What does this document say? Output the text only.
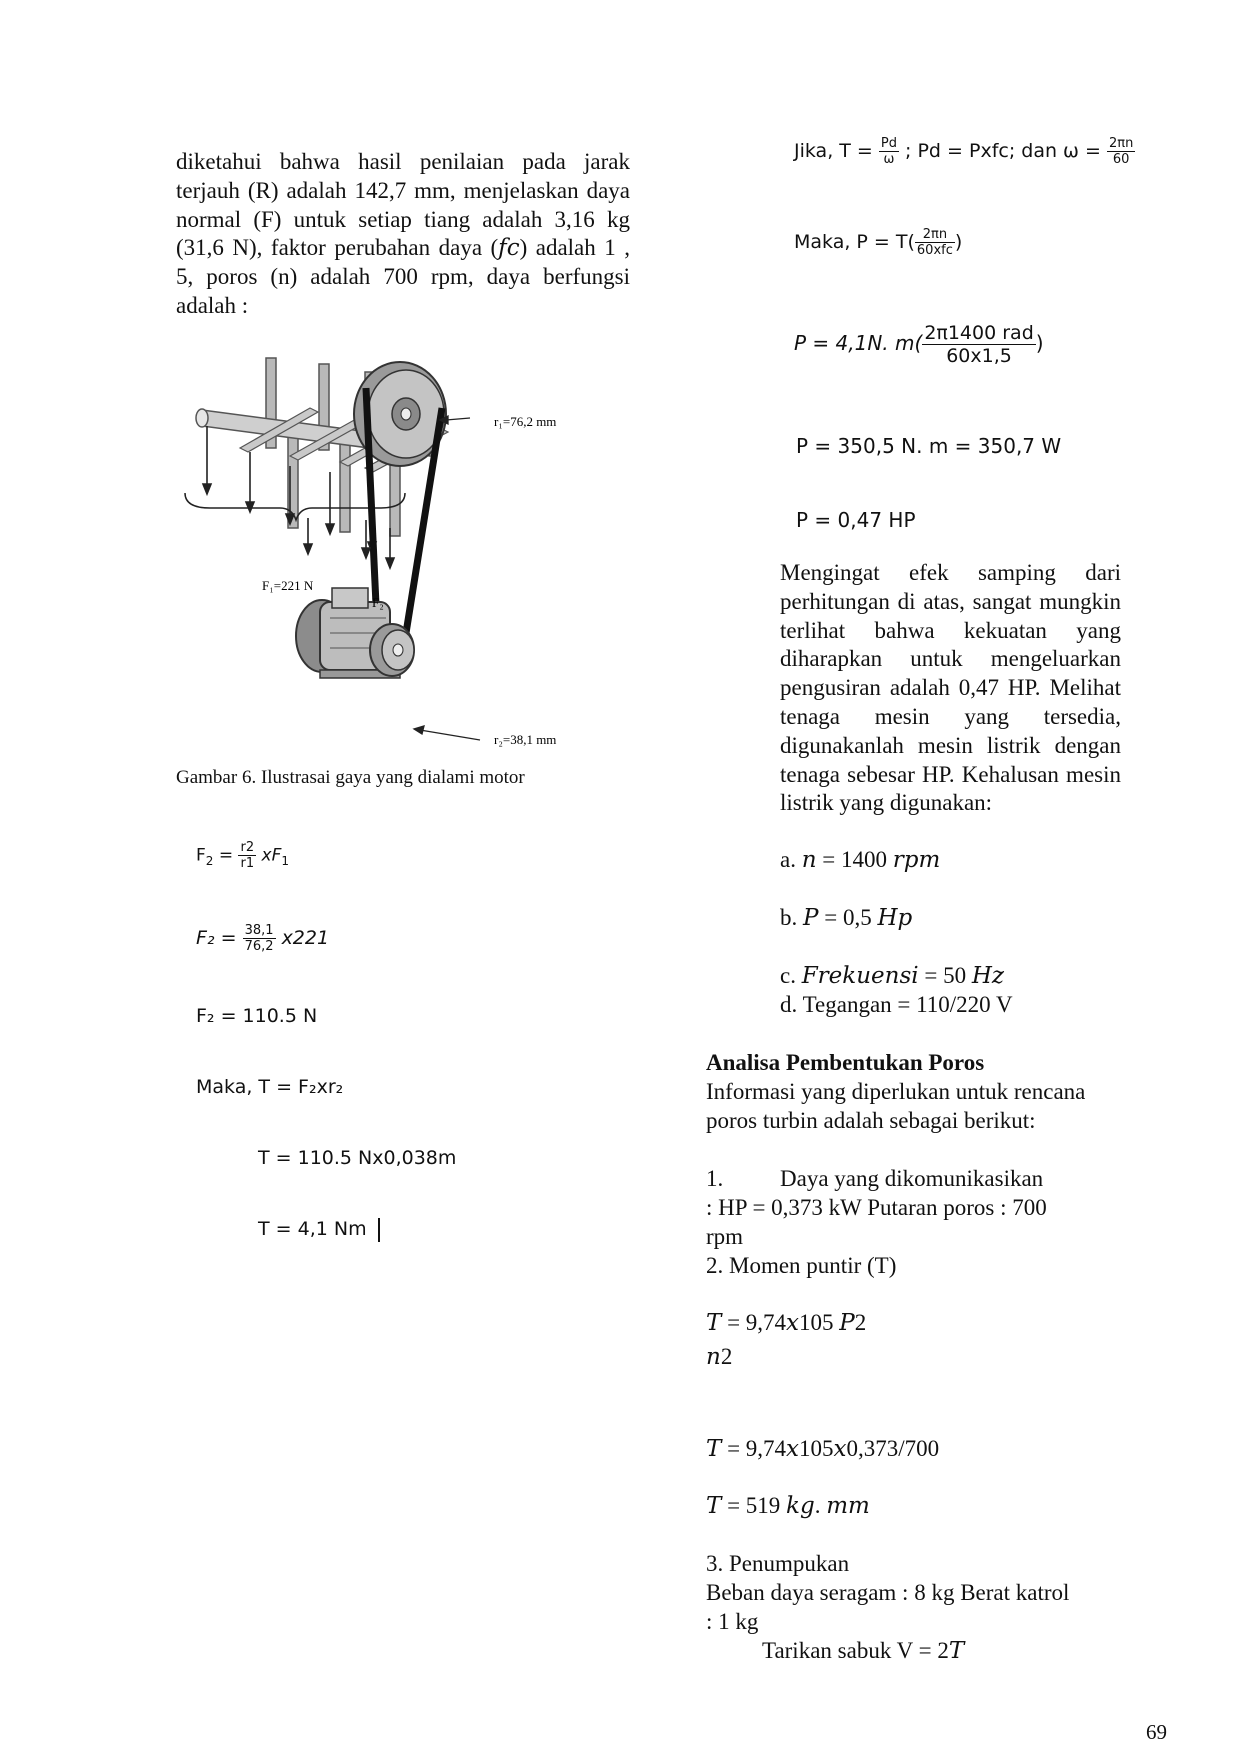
diketahui bahwa hasil penilaian pada jarak terjauh (R) adalah 142,7 mm, menjelaskan daya normal (F) untuk setiap tiang adalah 3,16 kg (31,6 N), faktor perubahan daya (𝑓𝑐) adalah 1 , 5, poros (n) adalah 700 rpm, daya berfungsi adalah :
r₁=76,2 mm
r₂=38,1 mm
F₁=221 N
F₂
Gambar 6. Ilustrasai gaya yang dialami motor
$F_2 = \frac{r2}{r1} xF_1$
$F_2 = \frac{38,1}{76,2} x221$
F₂ = 110.5 N
Maka, T = F₂xr₂
T = 110.5 Nx0,038m
T = 4,1 Nm
Jika, $T = \frac{Pd}{\omega}$ ; Pd = Pxfc; dan $\omega = \frac{2\pi n}{60}$
Maka, $P = T( \frac{2\pi n}{\text{60xfc}}$ )
P = 4,1N. $m( \frac{\text{2π1400 rad}}{60x1,5}$ )
P = 350,5 N. m = 350,7 W
P = 0,47 HP
Mengingat efek samping dari perhitungan di atas, sangat mungkin terlihat bahwa kekuatan yang diharapkan untuk mengeluarkan pengusiran adalah 0,47 HP. Melihat tenaga mesin yang tersedia, digunakanlah mesin listrik dengan tenaga sebesar HP. Kehalusan mesin listrik yang digunakan:
a. 𝑛 = 1400 𝑟𝑝𝑚
b. 𝑃 = 0,5 𝐻𝑝
c. 𝐹𝑟𝑒𝑘𝑢𝑒𝑛𝑠𝑖 = 50 𝐻𝑧
d. Tegangan = 110/220 V
Analisa Pembentukan Poros
Informasi yang diperlukan untuk rencana
poros turbin adalah sebagai berikut:
1. Daya yang dikomunikasikan
: HP = 0,373 kW Putaran poros : 700
rpm
2. Momen puntir (T)
𝑇 = 9,74𝑥105 𝑃2
𝑛2
𝑇 = 9,74𝑥105𝑥0,373/700
𝑇 = 519 𝑘𝑔. 𝑚𝑚
3. Penumpukan
Beban daya seragam : 8 kg Berat katrol
: 1 kg
Tarikan sabuk V = 2𝑇
69
